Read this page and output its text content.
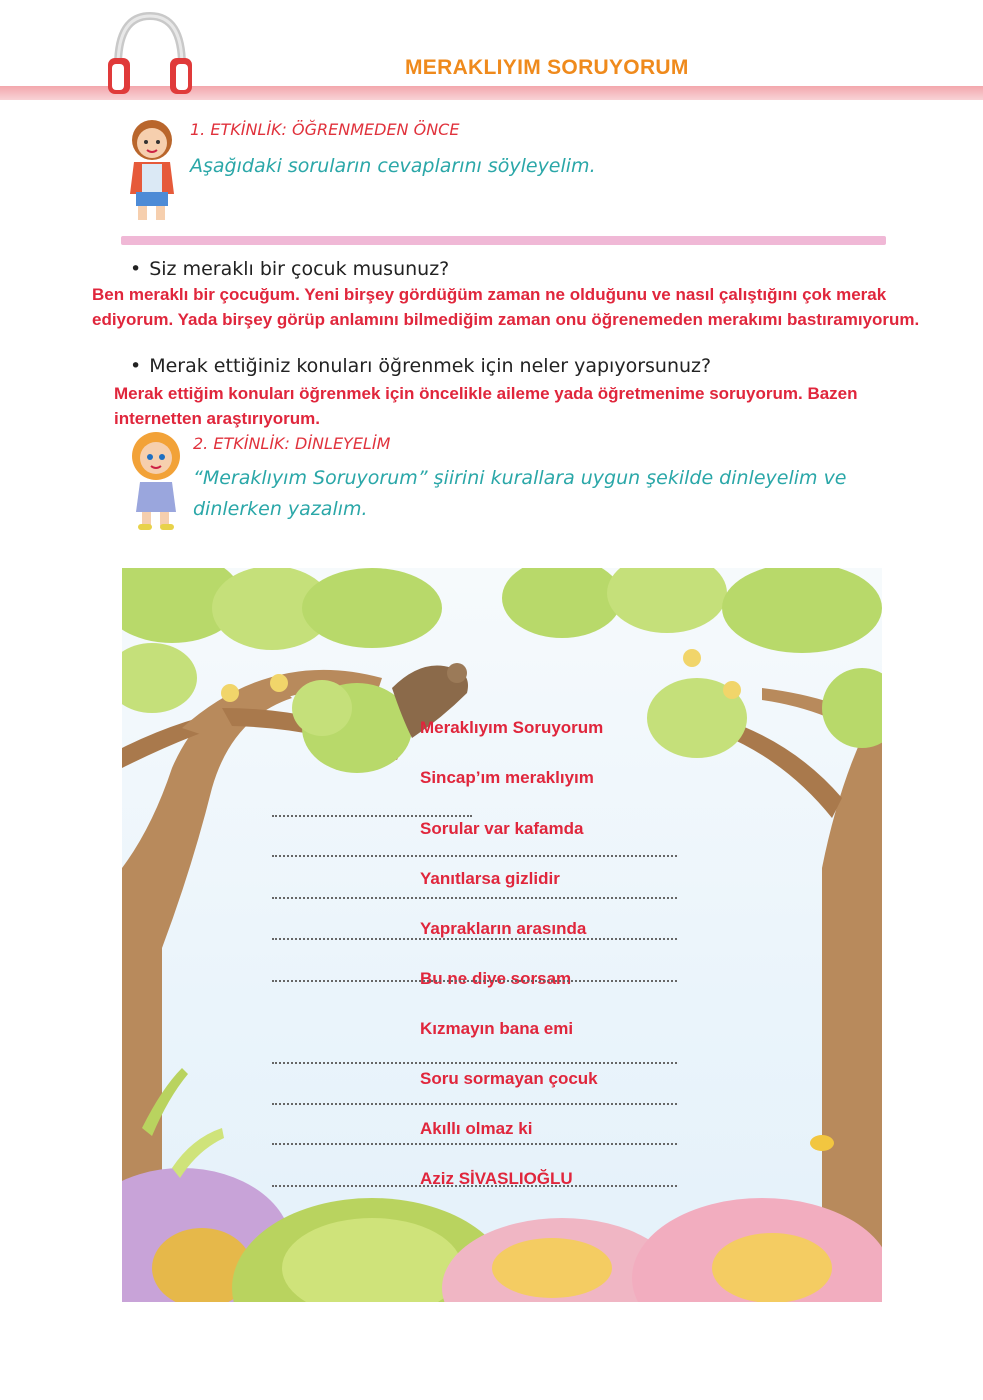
MERAKLIYIM SORUYORUM
1. ETKİNLİK: ÖĞRENMEDEN ÖNCE
Aşağıdaki soruların cevaplarını söyleyelim.
• Siz meraklı bir çocuk musunuz?
Ben meraklı bir çocuğum. Yeni birşey gördüğüm zaman ne olduğunu ve nasıl çalıştığını çok merak ediyorum. Yada birşey görüp anlamını bilmediğim zaman onu öğrenemeden merakımı bastıramıyorum.
• Merak ettiğiniz konuları öğrenmek için neler yapıyorsunuz?
Merak ettiğim konuları öğrenmek için öncelikle aileme yada öğretmenime soruyorum. Bazen internetten araştırıyorum.
2. ETKİNLİK: DİNLEYELİM
“Meraklıyım Soruyorum” şiirini kurallara uygun şekilde dinleyelim ve dinlerken yazalım.
Meraklıyım Soruyorum
Sincap’ım meraklıyım
Sorular var kafamda
Yanıtlarsa gizlidir
Yaprakların arasında
Bu ne diye sorsam
Kızmayın bana emi
Soru sormayan çocuk
Akıllı olmaz ki
Aziz SİVASLIOĞLU
